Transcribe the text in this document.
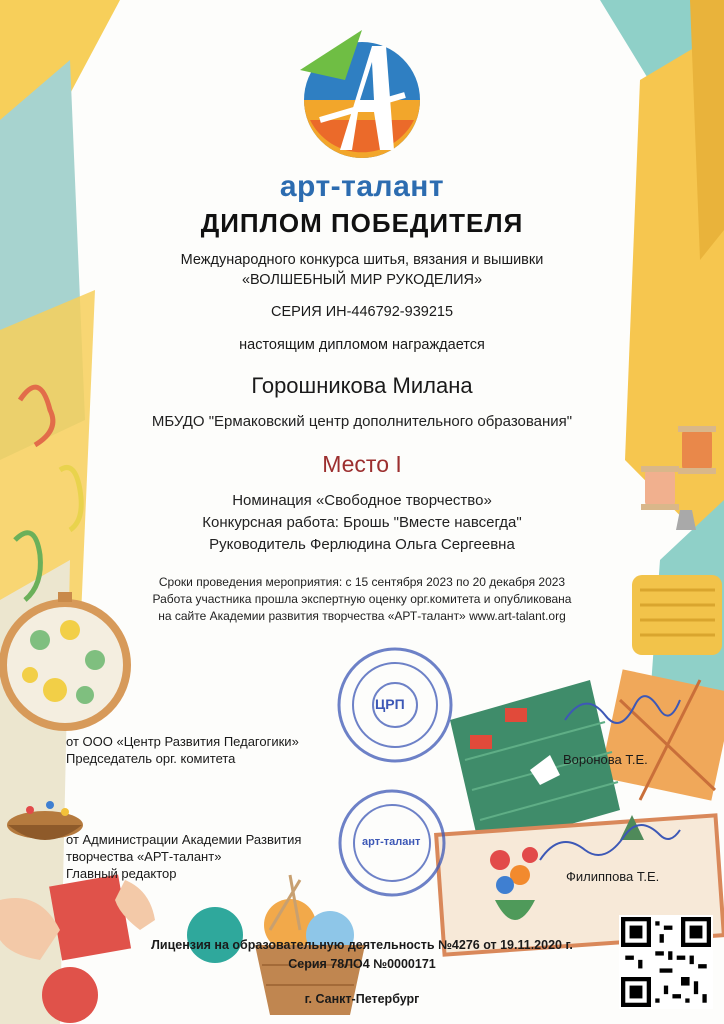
арт-талант
ДИПЛОМ ПОБЕДИТЕЛЯ
Международного конкурса шитья, вязания и вышивки
«ВОЛШЕБНЫЙ МИР РУКОДЕЛИЯ»
СЕРИЯ ИН-446792-939215
настоящим дипломом награждается
Горошникова Милана
МБУДО "Ермаковский центр дополнительного образования"
Место I
Номинация «Свободное творчество»
Конкурсная работа: Брошь "Вместе навсегда"
Руководитель Ферлюдина Ольга Сергеевна
Сроки проведения мероприятия: с 15 сентября 2023 по 20 декабря 2023
Работа участника прошла экспертную оценку орг.комитета и опубликована
на сайте Академии развития творчества «АРТ-талант» www.art-talant.org
ЦРП
арт-талант
от ООО «Центр Развития Педагогики»
Председатель орг. комитета	Воронова Т.Е.
от Администрации Академии Развития
творчества «АРТ-талант»
Главный редактор	Филиппова Т.Е.
Лицензия на образовательную деятельность №4276 от 19.11.2020 г.
Серия 78ЛО4 №0000171
г. Санкт-Петербург
